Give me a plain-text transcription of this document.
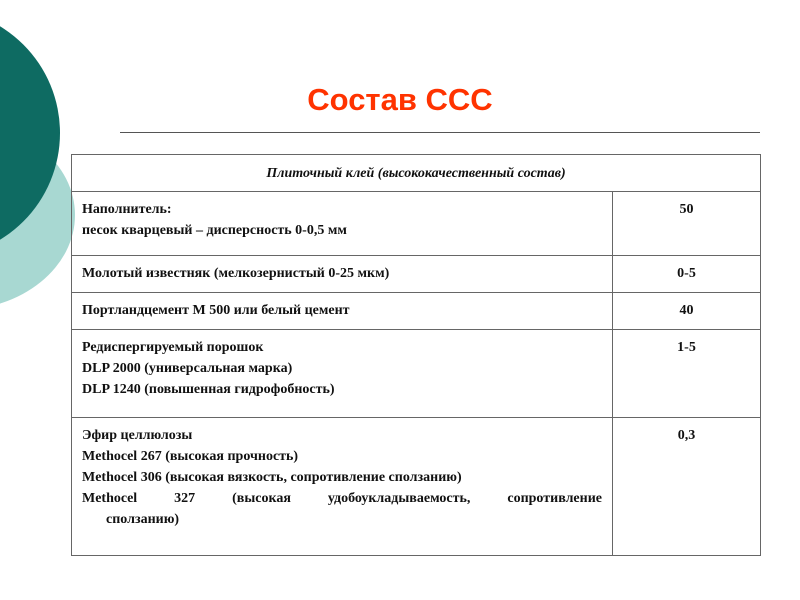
Состав ССС
Плиточный клей (высококачественный состав)	

Наполнитель:
песок кварцевый – дисперсность 0-0,5 мм	50

Молотый известняк (мелкозернистый 0-25 мкм)	0-5

Портландцемент М 500 или белый цемент	40

Редиспергируемый порошок
DLP 2000 (универсальная марка)
DLP 1240 (повышенная гидрофобность)	1-5

Эфир целлюлозы
Methocel 267 (высокая прочность)
Methocel 306 (высокая вязкость, сопротивление сползанию)
Methocel 327 (высокая удобоукладываемость, сопротивление
сползанию)	0,3
